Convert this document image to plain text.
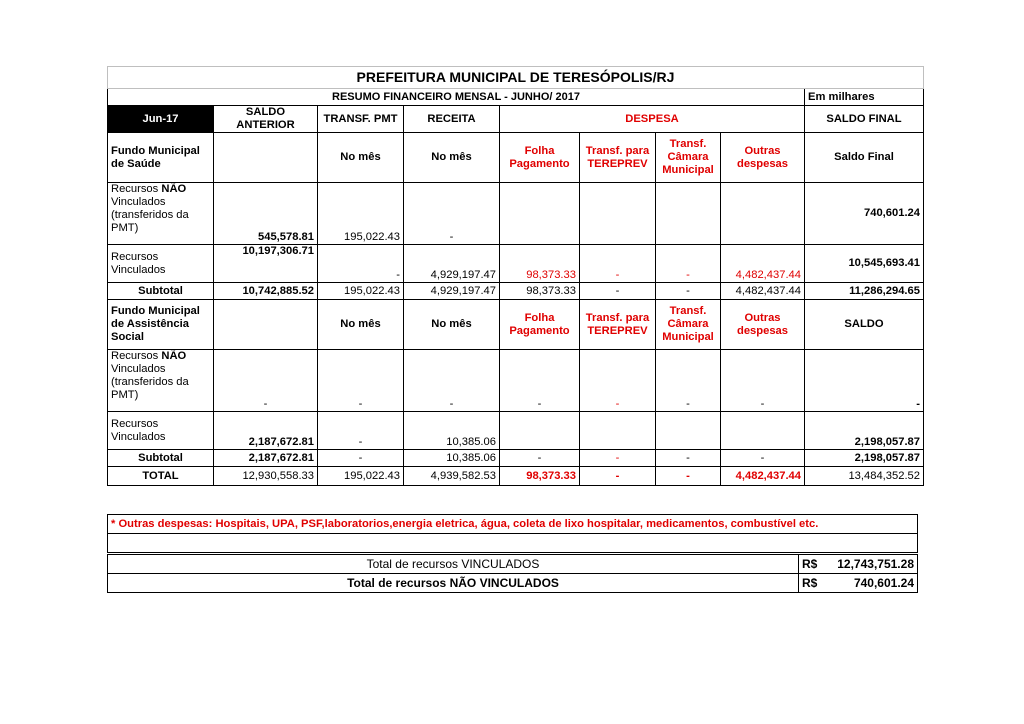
PREFEITURA MUNICIPAL DE TERESÓPOLIS/RJ								
RESUMO FINANCEIRO MENSAL - JUNHO/ 2017								Em milhares
Jun-17	SALDO ANTERIOR	TRANSF. PMT	RECEITA	DESPESA				SALDO FINAL
Fundo Municipal de Saúde		No mês	No mês	Folha Pagamento	Transf. para TEREPREV	Transf. Câmara Municipal	Outras despesas	Saldo Final
Recursos NÃO Vinculados (transferidos da PMT)	545,578.81	195,022.43	-					740,601.24
Recursos Vinculados	10,197,306.71	-	4,929,197.47	98,373.33	-	-	4,482,437.44	10,545,693.41
Subtotal	10,742,885.52	195,022.43	4,929,197.47	98,373.33	-	-	4,482,437.44	11,286,294.65
Fundo Municipal de Assistência Social		No mês	No mês	Folha Pagamento	Transf. para TEREPREV	Transf. Câmara Municipal	Outras despesas	SALDO
Recursos NÃO Vinculados (transferidos da PMT)	-	-	-	-	-	-	-	-
Recursos Vinculados	2,187,672.81	-	10,385.06					2,198,057.87
Subtotal	2,187,672.81	-	10,385.06	-	-	-	-	2,198,057.87
TOTAL	12,930,558.33	195,022.43	4,939,582.53	98,373.33	-	-	4,482,437.44	13,484,352.52
* Outras despesas: Hospitais, UPA, PSF,laboratorios,energia eletrica, água, coleta de lixo hospitalar, medicamentos, combustível etc.

Total de recursos VINCULADOS	R$ 12,743,751.28

Total de recursos NÃO VINCULADOS	R$ 740,601.24
